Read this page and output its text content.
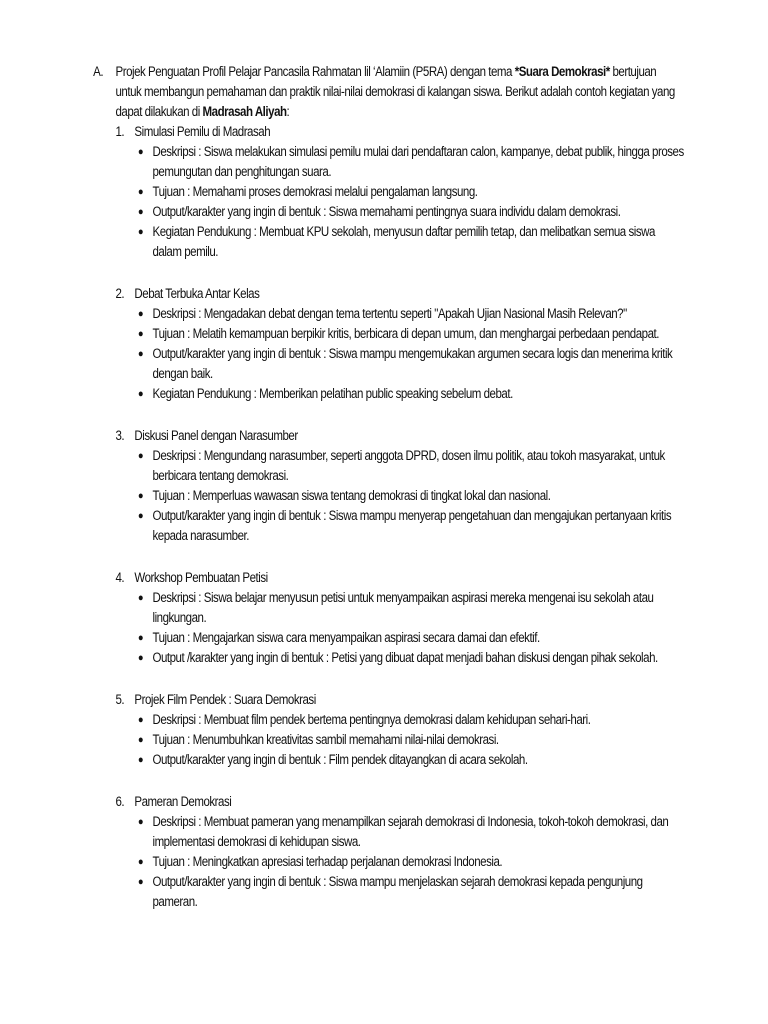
A. Projek Penguatan Profil Pelajar Pancasila Rahmatan lil ‘Alamiin (P5RA) dengan tema *Suara Demokrasi* bertujuan untuk membangun pemahaman dan praktik nilai-nilai demokrasi di kalangan siswa. Berikut adalah contoh kegiatan yang dapat dilakukan di Madrasah Aliyah:
1. Simulasi Pemilu di Madrasah
● Deskripsi : Siswa melakukan simulasi pemilu mulai dari pendaftaran calon, kampanye, debat publik, hingga proses pemungutan dan penghitungan suara.
● Tujuan : Memahami proses demokrasi melalui pengalaman langsung.
● Output/karakter yang ingin di bentuk : Siswa memahami pentingnya suara individu dalam demokrasi.
● Kegiatan Pendukung : Membuat KPU sekolah, menyusun daftar pemilih tetap, dan melibatkan semua siswa dalam pemilu.
2. Debat Terbuka Antar Kelas
● Deskripsi : Mengadakan debat dengan tema tertentu seperti "Apakah Ujian Nasional Masih Relevan?"
● Tujuan : Melatih kemampuan berpikir kritis, berbicara di depan umum, dan menghargai perbedaan pendapat.
● Output/karakter yang ingin di bentuk : Siswa mampu mengemukakan argumen secara logis dan menerima kritik dengan baik.
● Kegiatan Pendukung : Memberikan pelatihan public speaking sebelum debat.
3. Diskusi Panel dengan Narasumber
● Deskripsi : Mengundang narasumber, seperti anggota DPRD, dosen ilmu politik, atau tokoh masyarakat, untuk berbicara tentang demokrasi.
● Tujuan : Memperluas wawasan siswa tentang demokrasi di tingkat lokal dan nasional.
● Output/karakter yang ingin di bentuk : Siswa mampu menyerap pengetahuan dan mengajukan pertanyaan kritis kepada narasumber.
4. Workshop Pembuatan Petisi
● Deskripsi : Siswa belajar menyusun petisi untuk menyampaikan aspirasi mereka mengenai isu sekolah atau lingkungan.
● Tujuan : Mengajarkan siswa cara menyampaikan aspirasi secara damai dan efektif.
● Output /karakter yang ingin di bentuk : Petisi yang dibuat dapat menjadi bahan diskusi dengan pihak sekolah.
5. Projek Film Pendek : Suara Demokrasi
● Deskripsi : Membuat film pendek bertema pentingnya demokrasi dalam kehidupan sehari-hari.
● Tujuan : Menumbuhkan kreativitas sambil memahami nilai-nilai demokrasi.
● Output/karakter yang ingin di bentuk : Film pendek ditayangkan di acara sekolah.
6. Pameran Demokrasi
● Deskripsi : Membuat pameran yang menampilkan sejarah demokrasi di Indonesia, tokoh-tokoh demokrasi, dan implementasi demokrasi di kehidupan siswa.
● Tujuan : Meningkatkan apresiasi terhadap perjalanan demokrasi Indonesia.
● Output/karakter yang ingin di bentuk : Siswa mampu menjelaskan sejarah demokrasi kepada pengunjung pameran.
